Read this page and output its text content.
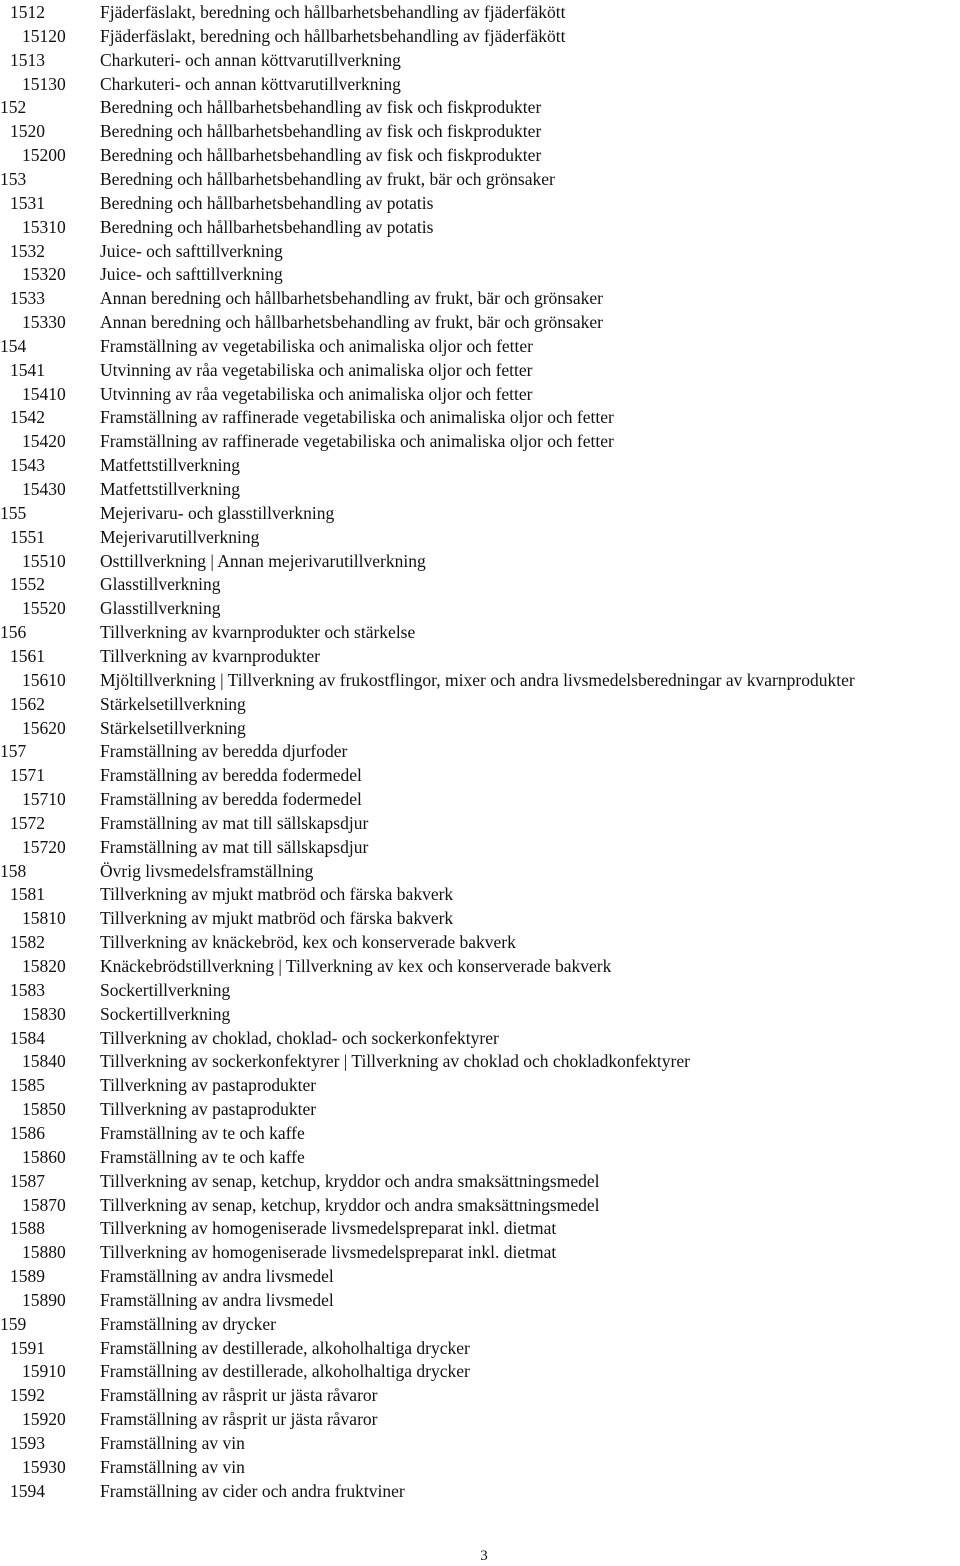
1512	Fjäderfäslakt, beredning och hållbarhetsbehandling av fjäderfäkött
15120 Fjäderfäslakt, beredning och hållbarhetsbehandling av fjäderfäkött
1513	Charkuteri- och annan köttvarutillverkning
15130 Charkuteri- och annan köttvarutillverkning
152	Beredning och hållbarhetsbehandling av fisk och fiskprodukter
1520	Beredning och hållbarhetsbehandling av fisk och fiskprodukter
15200 Beredning och hållbarhetsbehandling av fisk och fiskprodukter
153	Beredning och hållbarhetsbehandling av frukt, bär och grönsaker
1531	Beredning och hållbarhetsbehandling av potatis
15310 Beredning och hållbarhetsbehandling av potatis
1532	Juice- och safttillverkning
15320 Juice- och safttillverkning
1533	Annan beredning och hållbarhetsbehandling av frukt, bär och grönsaker
15330 Annan beredning och hållbarhetsbehandling av frukt, bär och grönsaker
154	Framställning av vegetabiliska och animaliska oljor och fetter
1541	Utvinning av råa vegetabiliska och animaliska oljor och fetter
15410 Utvinning av råa vegetabiliska och animaliska oljor och fetter
1542	Framställning av raffinerade vegetabiliska och animaliska oljor och fetter
15420 Framställning av raffinerade vegetabiliska och animaliska oljor och fetter
1543	Matfettstillverkning
15430 Matfettstillverkning
155	Mejerivaru- och glasstillverkning
1551	Mejerivarutillverkning
15510 Osttillverkning | Annan mejerivarutillverkning
1552	Glasstillverkning
15520 Glasstillverkning
156	Tillverkning av kvarnprodukter och stärkelse
1561	Tillverkning av kvarnprodukter
15610 Mjöltillverkning | Tillverkning av frukostflingor, mixer och andra livsmedelsberedningar av kvarnprodukter
1562	Stärkelsetillverkning
15620 Stärkelsetillverkning
157	Framställning av beredda djurfoder
1571	Framställning av beredda fodermedel
15710 Framställning av beredda fodermedel
1572	Framställning av mat till sällskapsdjur
15720 Framställning av mat till sällskapsdjur
158	Övrig livsmedelsframställning
1581	Tillverkning av mjukt matbröd och färska bakverk
15810 Tillverkning av mjukt matbröd och färska bakverk
1582	Tillverkning av knäckebröd, kex och konserverade bakverk
15820 Knäckebrödstillverkning | Tillverkning av kex och konserverade bakverk
1583	Sockertillverkning
15830 Sockertillverkning
1584	Tillverkning av choklad, choklad- och sockerkonfektyrer
15840 Tillverkning av sockerkonfektyrer | Tillverkning av choklad och chokladkonfektyrer
1585	Tillverkning av pastaprodukter
15850 Tillverkning av pastaprodukter
1586	Framställning av te och kaffe
15860 Framställning av te och kaffe
1587	Tillverkning av senap, ketchup, kryddor och andra smaksättningsmedel
15870 Tillverkning av senap, ketchup, kryddor och andra smaksättningsmedel
1588	Tillverkning av homogeniserade livsmedelspreparat inkl. dietmat
15880 Tillverkning av homogeniserade livsmedelspreparat inkl. dietmat
1589	Framställning av andra livsmedel
15890 Framställning av andra livsmedel
159	Framställning av drycker
1591	Framställning av destillerade, alkoholhaltiga drycker
15910 Framställning av destillerade, alkoholhaltiga drycker
1592	Framställning av råsprit ur jästa råvaror
15920 Framställning av råsprit ur jästa råvaror
1593	Framställning av vin
15930 Framställning av vin
1594	Framställning av cider och andra fruktviner
3
